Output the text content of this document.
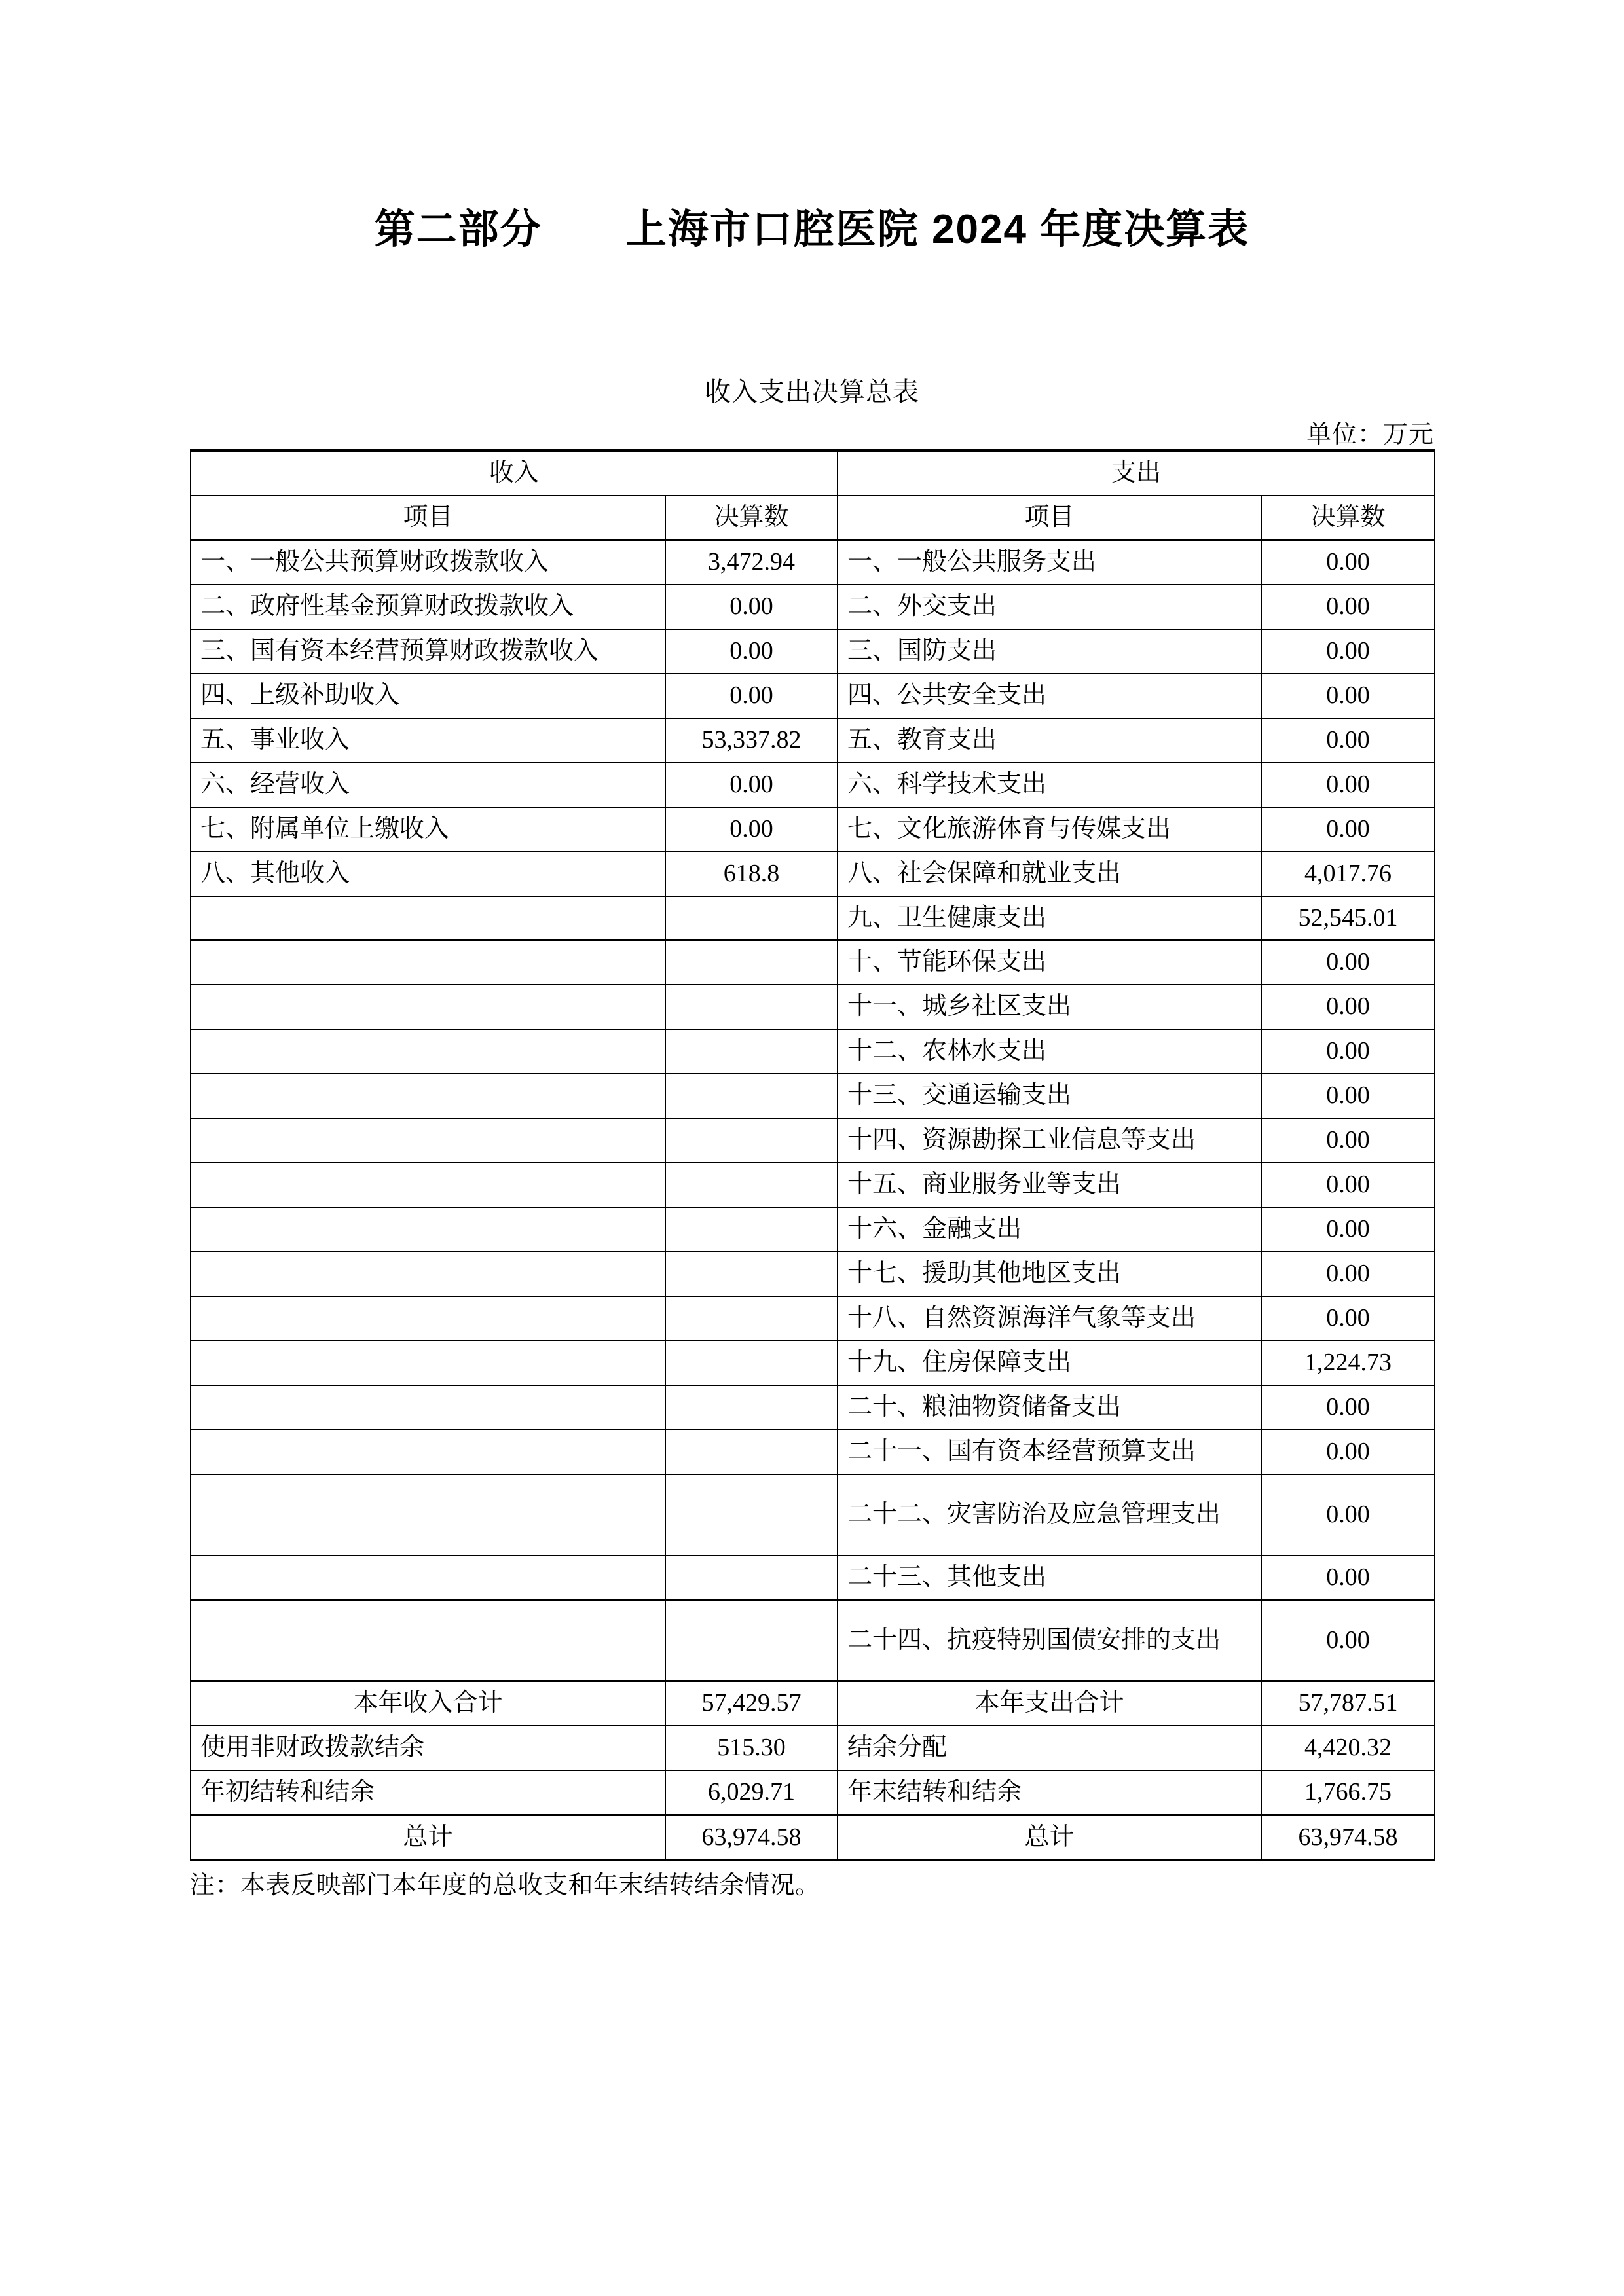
第二部分　　上海市口腔医院 2024 年度决算表
收入支出决算总表
单位：万元
收入		支出	
项目	决算数	项目	决算数
一、一般公共预算财政拨款收入	3,472.94	一、一般公共服务支出	0.00
二、政府性基金预算财政拨款收入	0.00	二、外交支出	0.00
三、国有资本经营预算财政拨款收入	0.00	三、国防支出	0.00
四、上级补助收入	0.00	四、公共安全支出	0.00
五、事业收入	53,337.82	五、教育支出	0.00
六、经营收入	0.00	六、科学技术支出	0.00
七、附属单位上缴收入	0.00	七、文化旅游体育与传媒支出	0.00
八、其他收入	618.8	八、社会保障和就业支出	4,017.76
		九、卫生健康支出	52,545.01
		十、节能环保支出	0.00
		十一、城乡社区支出	0.00
		十二、农林水支出	0.00
		十三、交通运输支出	0.00
		十四、资源勘探工业信息等支出	0.00
		十五、商业服务业等支出	0.00
		十六、金融支出	0.00
		十七、援助其他地区支出	0.00
		十八、自然资源海洋气象等支出	0.00
		十九、住房保障支出	1,224.73
		二十、粮油物资储备支出	0.00
		二十一、国有资本经营预算支出	0.00
		二十二、灾害防治及应急管理支出	0.00
		二十三、其他支出	0.00
		二十四、抗疫特别国债安排的支出	0.00
本年收入合计	57,429.57	本年支出合计	57,787.51
使用非财政拨款结余	515.30	结余分配	4,420.32
年初结转和结余	6,029.71	年末结转和结余	1,766.75
总计	63,974.58	总计	63,974.58
注：本表反映部门本年度的总收支和年末结转结余情况。
